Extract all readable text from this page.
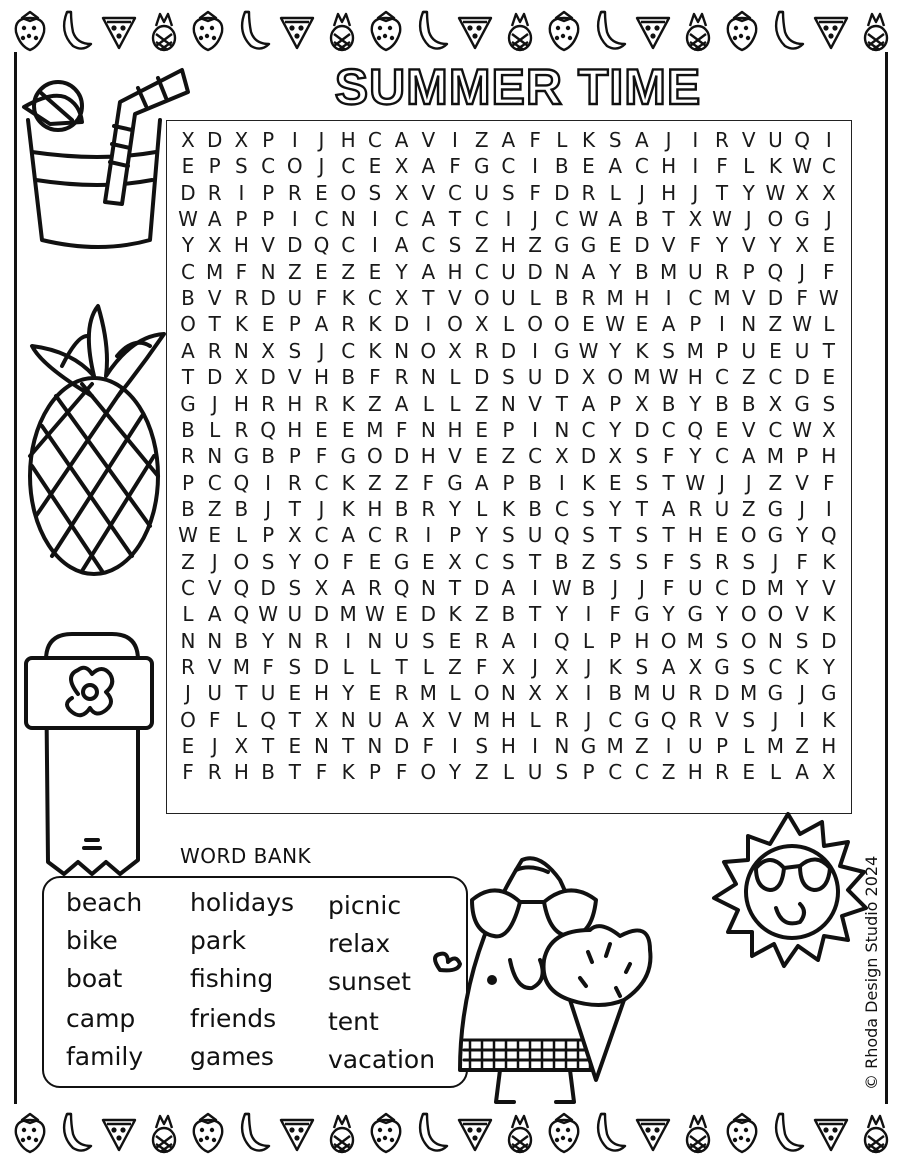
SUMMER TIME
X D X P I	J H C A V I Z A F L K S A J	I R V U Q I
E P S C O J C E X A F G C I B E A C H I F L K W C
D R I P R E O S X V C U S F D R L J H J T Y W X X
W A P P I C N I C A T C I	J C W A B T X W J O G J
Y X H V D Q C I A C S Z H Z G G E D V F Y V Y X E
C M F N Z E Z E Y A H C U D N A Y B M U R P Q J F
B V R D U F K C X T V O U L B R M H I C M V D F W
O T K E P A R K D I O X L O O E W E A P I N Z W L
A R N X S J C K N O X R D I G W Y K S M P U E U T
T D X D V H B F R N L D S U D X O M W H C Z C D E
G J H R H R K Z A L L Z N V T A P X B Y B B X G S
B L R Q H E E M F N H E P I N C Y D C Q E V C W X
R N G B P F G O D H V E Z C X D X S F Y C A M P H
P C Q I R C K Z Z F G A P B I K E S T W J	J Z V F
B Z B J T J K H B R Y L K B C S Y T A R U Z G J	I
W E L P X C A C R I P Y S U Q S T S T H E O G Y Q
Z J O S Y O F E G E X C S T B Z S S F S R S J F K
C V Q D S X A R Q N T D A I W B J	J F U C D M Y V
L A Q W U D M W E D K Z B T Y I F G Y G Y O O V K
N N B Y N R I N U S E R A I Q L P H O M S O N S D
R V M F S D L L T L Z F X J X J K S A X G S C K Y
J U T U E H Y E R M L O N X X I B M U R D M G J G
O F L Q T X N U A X V M H L R J C G Q R V S J	I K
E J X T E N T N D F I S H I N G M Z I U P L M Z H
F R H B T F K P F O Y Z L U S P C C Z H R E L A X
WORD BANK
beach
bike
boat
camp
family
holidays
park
fishing
friends
games
picnic
relax
sunset
tent
vacation	© Rhoda Design Studio 2024
